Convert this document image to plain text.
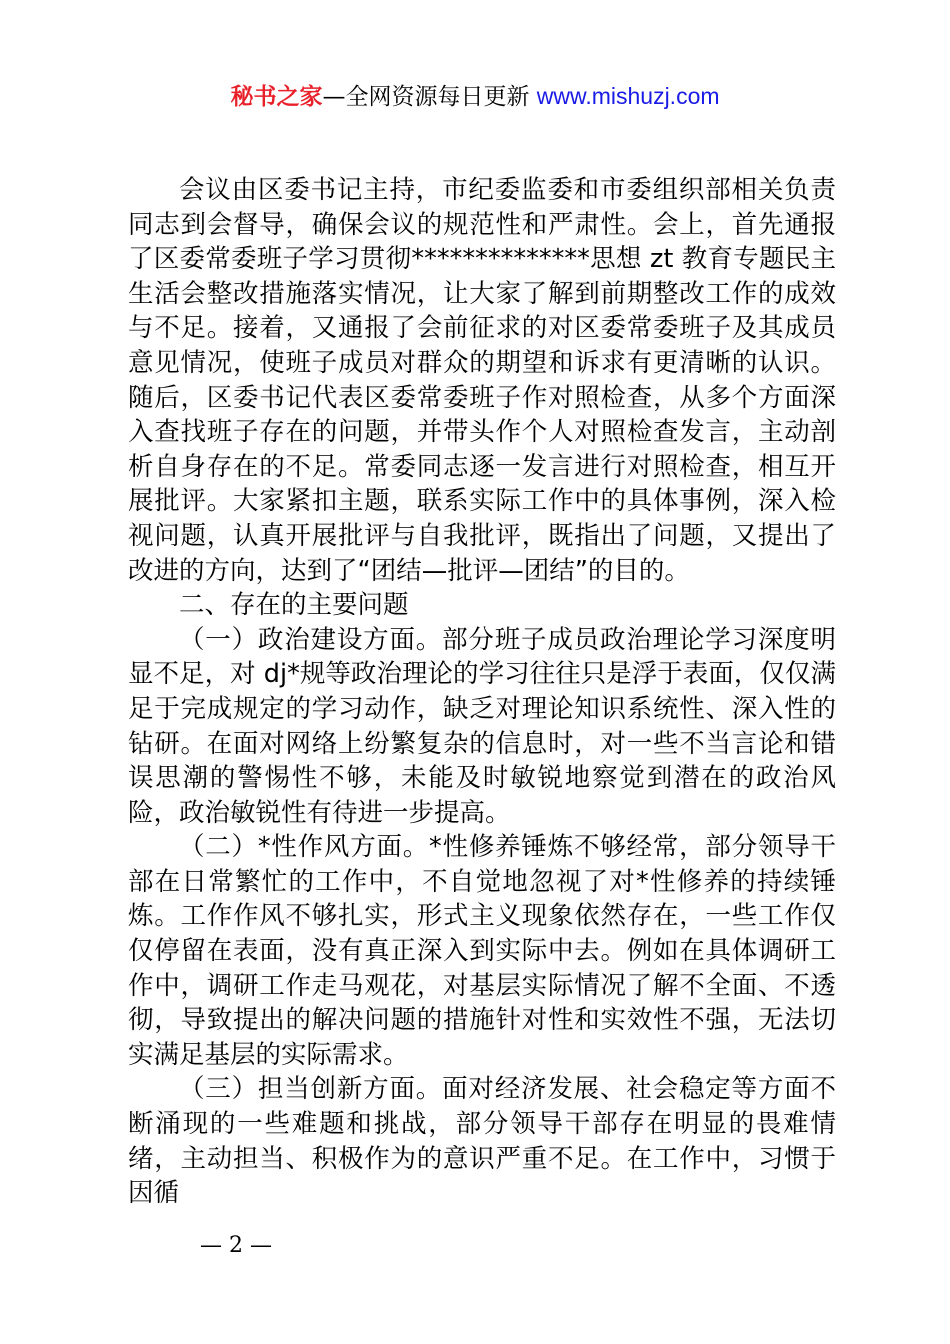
秘书之家—全网资源每日更新 www.mishuzj.com

会议由区委书记主持，市纪委监委和市委组织部相关负责同志到会督导，确保会议的规范性和严肃性。会上，首先通报了区委常委班子学习贯彻**************思想 zt 教育专题民主生活会整改措施落实情况，让大家了解到前期整改工作的成效与不足。接着，又通报了会前征求的对区委常委班子及其成员意见情况，使班子成员对群众的期望和诉求有更清晰的认识。随后，区委书记代表区委常委班子作对照检查，从多个方面深入查找班子存在的问题，并带头作个人对照检查发言，主动剖析自身存在的不足。常委同志逐一发言进行对照检查，相互开展批评。大家紧扣主题，联系实际工作中的具体事例，深入检视问题，认真开展批评与自我批评，既指出了问题，又提出了改进的方向，达到了“团结—批评—团结”的目的。

二、存在的主要问题

（一）政治建设方面。部分班子成员政治理论学习深度明显不足，对 dj*规等政治理论的学习往往只是浮于表面，仅仅满足于完成规定的学习动作，缺乏对理论知识系统性、深入性的钻研。在面对网络上纷繁复杂的信息时，对一些不当言论和错误思潮的警惕性不够，未能及时敏锐地察觉到潜在的政治风险，政治敏锐性有待进一步提高。

（二）*性作风方面。*性修养锤炼不够经常，部分领导干部在日常繁忙的工作中，不自觉地忽视了对*性修养的持续锤炼。工作作风不够扎实，形式主义现象依然存在，一些工作仅仅停留在表面，没有真正深入到实际中去。例如在具体调研工作中，调研工作走马观花，对基层实际情况了解不全面、不透彻，导致提出的解决问题的措施针对性和实效性不强，无法切实满足基层的实际需求。

（三）担当创新方面。面对经济发展、社会稳定等方面不断涌现的一些难题和挑战，部分领导干部存在明显的畏难情绪，主动担当、积极作为的意识严重不足。在工作中，习惯于因循

— 2 —
